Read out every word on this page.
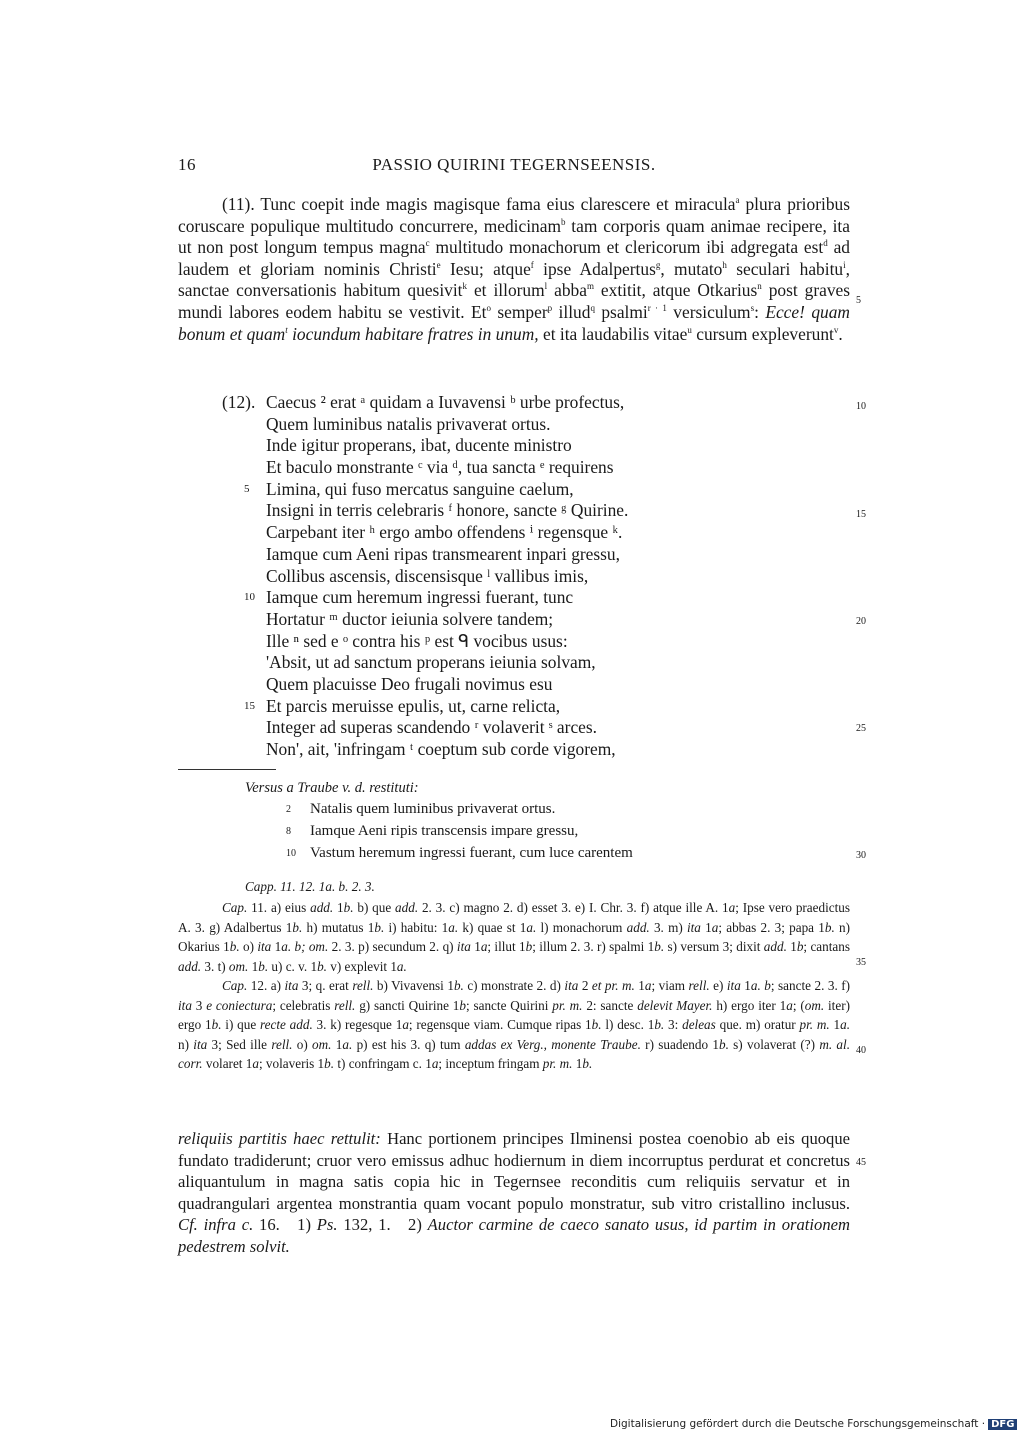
16	PASSIO QUIRINI TEGERNSEENSIS.

(11). Tunc coepit inde magis magisque fama eius clarescere et miracula$^a$ plura prioribus coruscare populique multitudo concurrere, medicinam$^b$ tam corporis quam animae recipere, ita ut non post longum tempus magna$^c$ multitudo monachorum et clericorum ibi adgregata est$^d$ ad laudem et gloriam nominis Christi$^e$ Iesu; atque$^f$ ipse Adalpertus$^g$, mutato$^h$ seculari habitu$^i$, sanctae conversationis habitum quesivit$^k$ et illorum$^l$ abba$^m$ extitit, atque Otkarius$^n$ post graves mundi labores eodem habitu se vestivit. Et$^o$ semper$^p$ illud$^q$ psalmi$^{r \cdot 1}$ versiculum$^s$: Ecce! quam bonum et quam$^t$ iocundum habitare fratres in unum, et ita laudabilis vitae$^u$ cursum expleverunt$^v$.

(12). Caecus ² erat ᵃ quidam a Iuvavensi ᵇ urbe profectus,
Quem luminibus natalis privaverat ortus.
Inde igitur properans, ibat, ducente ministro
Et baculo monstrante ᶜ via ᵈ, tua sancta ᵉ requirens
5 Limina, qui fuso mercatus sanguine caelum,
Insigni in terris celebraris ᶠ honore, sancte ᵍ Quirine.
Carpebant iter ʰ ergo ambo offendens ⁱ regensque ᵏ.
Iamque cum Aeni ripas transmearent inpari gressu,
Collibus ascensis, discensisque ˡ vallibus imis,
10 Iamque cum heremum ingressi fuerant, tunc
Hortatur ᵐ ductor ieiunia solvere tandem;
Ille ⁿ sed e ᵒ contra his ᵖ est ᑫ vocibus usus:
'Absit, ut ad sanctum properans ieiunia solvam,
Quem placuisse Deo frugali novimus esu
15 Et parcis meruisse epulis, ut, carne relicta,
Integer ad superas scandendo ʳ volaverit ˢ arces.
Non', ait, 'infringam ᵗ coeptum sub corde vigorem,
5
10
15
20
25
30
35
40
45
Versus a Traube v. d. restituti:
2 Natalis quem luminibus privaverat ortus.
8 Iamque Aeni ripis transcensis impare gressu,
10 Vastum heremum ingressi fuerant, cum luce carentem

Capp. 11. 12. 1a. b. 2. 3.

Cap. 11. a) eius add. 1b. b) que add. 2. 3. c) magno 2. d) esset 3. e) I. Chr. 3. f) atque ille A. 1a; Ipse vero praedictus A. 3. g) Adalbertus 1b. h) mutatus 1b. i) habitu: 1a. k) quae st 1a. l) monachorum add. 3. m) ita 1a; abbas 2. 3; papa 1b. n) Okarius 1b. o) ita 1a. b; om. 2. 3. p) secundum 2. q) ita 1a; illut 1b; illum 2. 3. r) spalmi 1b. s) versum 3; dixit add. 1b; cantans add. 3. t) om. 1b. u) c. v. 1b. v) explevit 1a.

Cap. 12. a) ita 3; q. erat rell. b) Vivavensi 1b. c) monstrate 2. d) ita 2 et pr. m. 1a; viam rell. e) ita 1a. b; sancte 2. 3. f) ita 3 e coniectura; celebratis rell. g) sancti Quirine 1b; sancte Quirini pr. m. 2: sancte delevit Mayer. h) ergo iter 1a; (om. iter) ergo 1b. i) que recte add. 3. k) regesque 1a; regensque viam. Cumque ripas 1b. l) desc. 1b. 3: deleas que. m) oratur pr. m. 1a. n) ita 3; Sed ille rell. o) om. 1a. p) est his 3. q) tum addas ex Verg., monente Traube. r) suadendo 1b. s) volaverat (?) m. al. corr. volaret 1a; volaveris 1b. t) confringam c. 1a; inceptum fringam pr. m. 1b.

reliquiis partitis haec rettulit: Hanc portionem principes Ilminensi postea coenobio ab eis quoque fundato tradiderunt; cruor vero emissus adhuc hodiernum in diem incorruptus perdurat et concretus aliquantulum in magna satis copia hic in Tegernsee reconditis cum reliquiis servatur et in quadrangulari argentea monstrantia quam vocant populo monstratur, sub vitro cristallino inclusus. Cf. infra c. 16.   1) Ps. 132, 1.   2) Auctor carmine de caeco sanato usus, id partim in orationem pedestrem solvit.

Digitalisierung gefördert durch die Deutsche Forschungsgemeinschaft · DFG
